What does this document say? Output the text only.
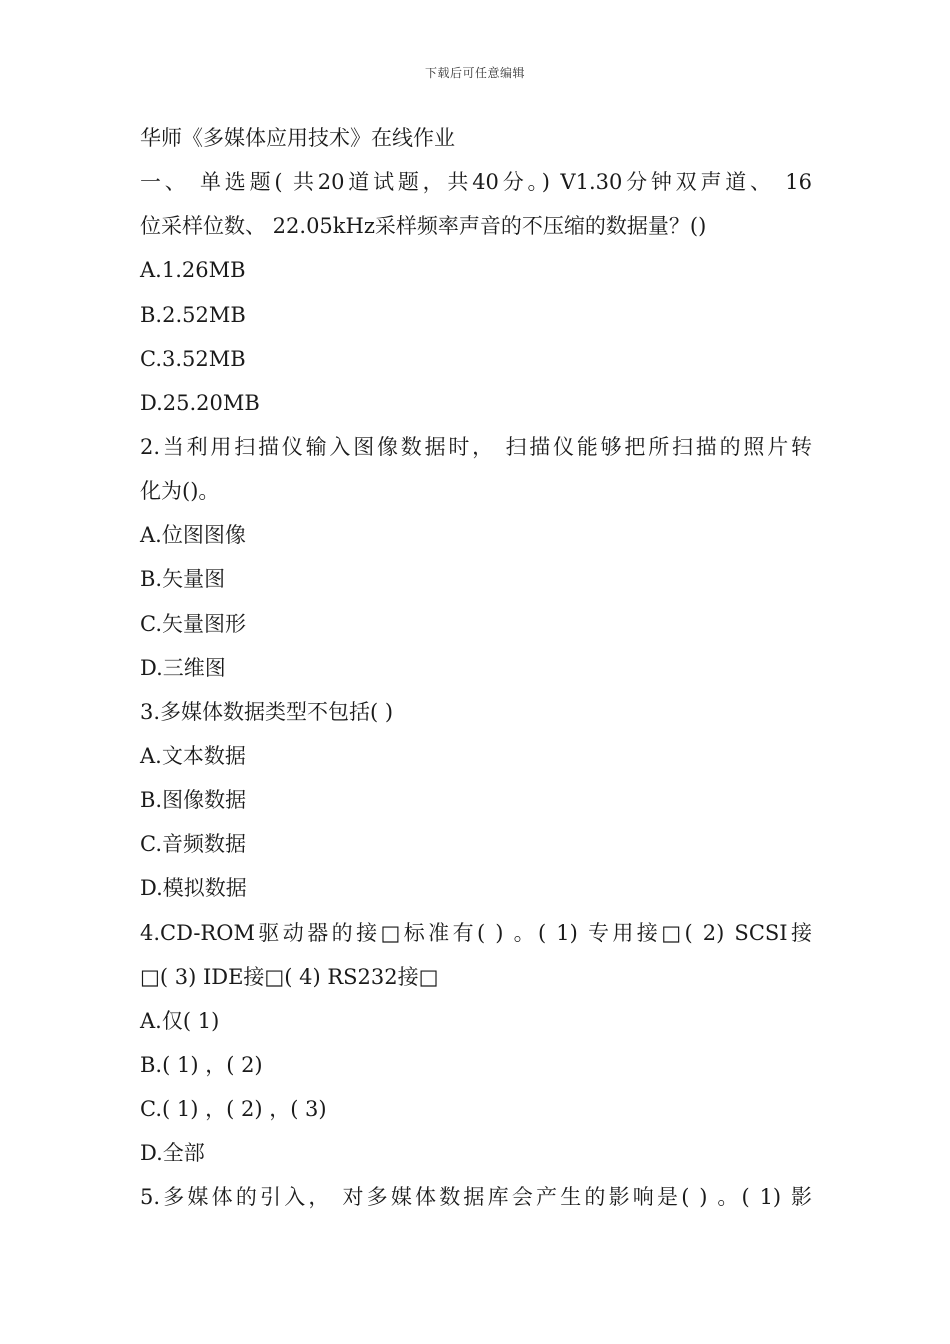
下载后可任意编辑
华师《多媒体应用技术》在线作业
一、 单选题( 共20道试题，共40分。) V1.30分钟双声道、 16
位采样位数、 22.05kHz采样频率声音的不压缩的数据量？()
A.1.26MB
B.2.52MB
C.3.52MB
D.25.20MB
2.当利用扫描仪输入图像数据时， 扫描仪能够把所扫描的照片转
化为()。
A.位图图像
B.矢量图
C.矢量图形
D.三维图
3.多媒体数据类型不包括( )
A.文本数据
B.图像数据
C.音频数据
D.模拟数据
4.CD-ROM驱动器的接□标准有( ) 。( 1) 专用接□( 2) SCSI接
□( 3) IDE接□( 4) RS232接□
A.仅( 1)
B.( 1) ，( 2)
C.( 1) ，( 2) ，( 3)
D.全部
5.多媒体的引入， 对多媒体数据库会产生的影响是( ) 。( 1) 影
